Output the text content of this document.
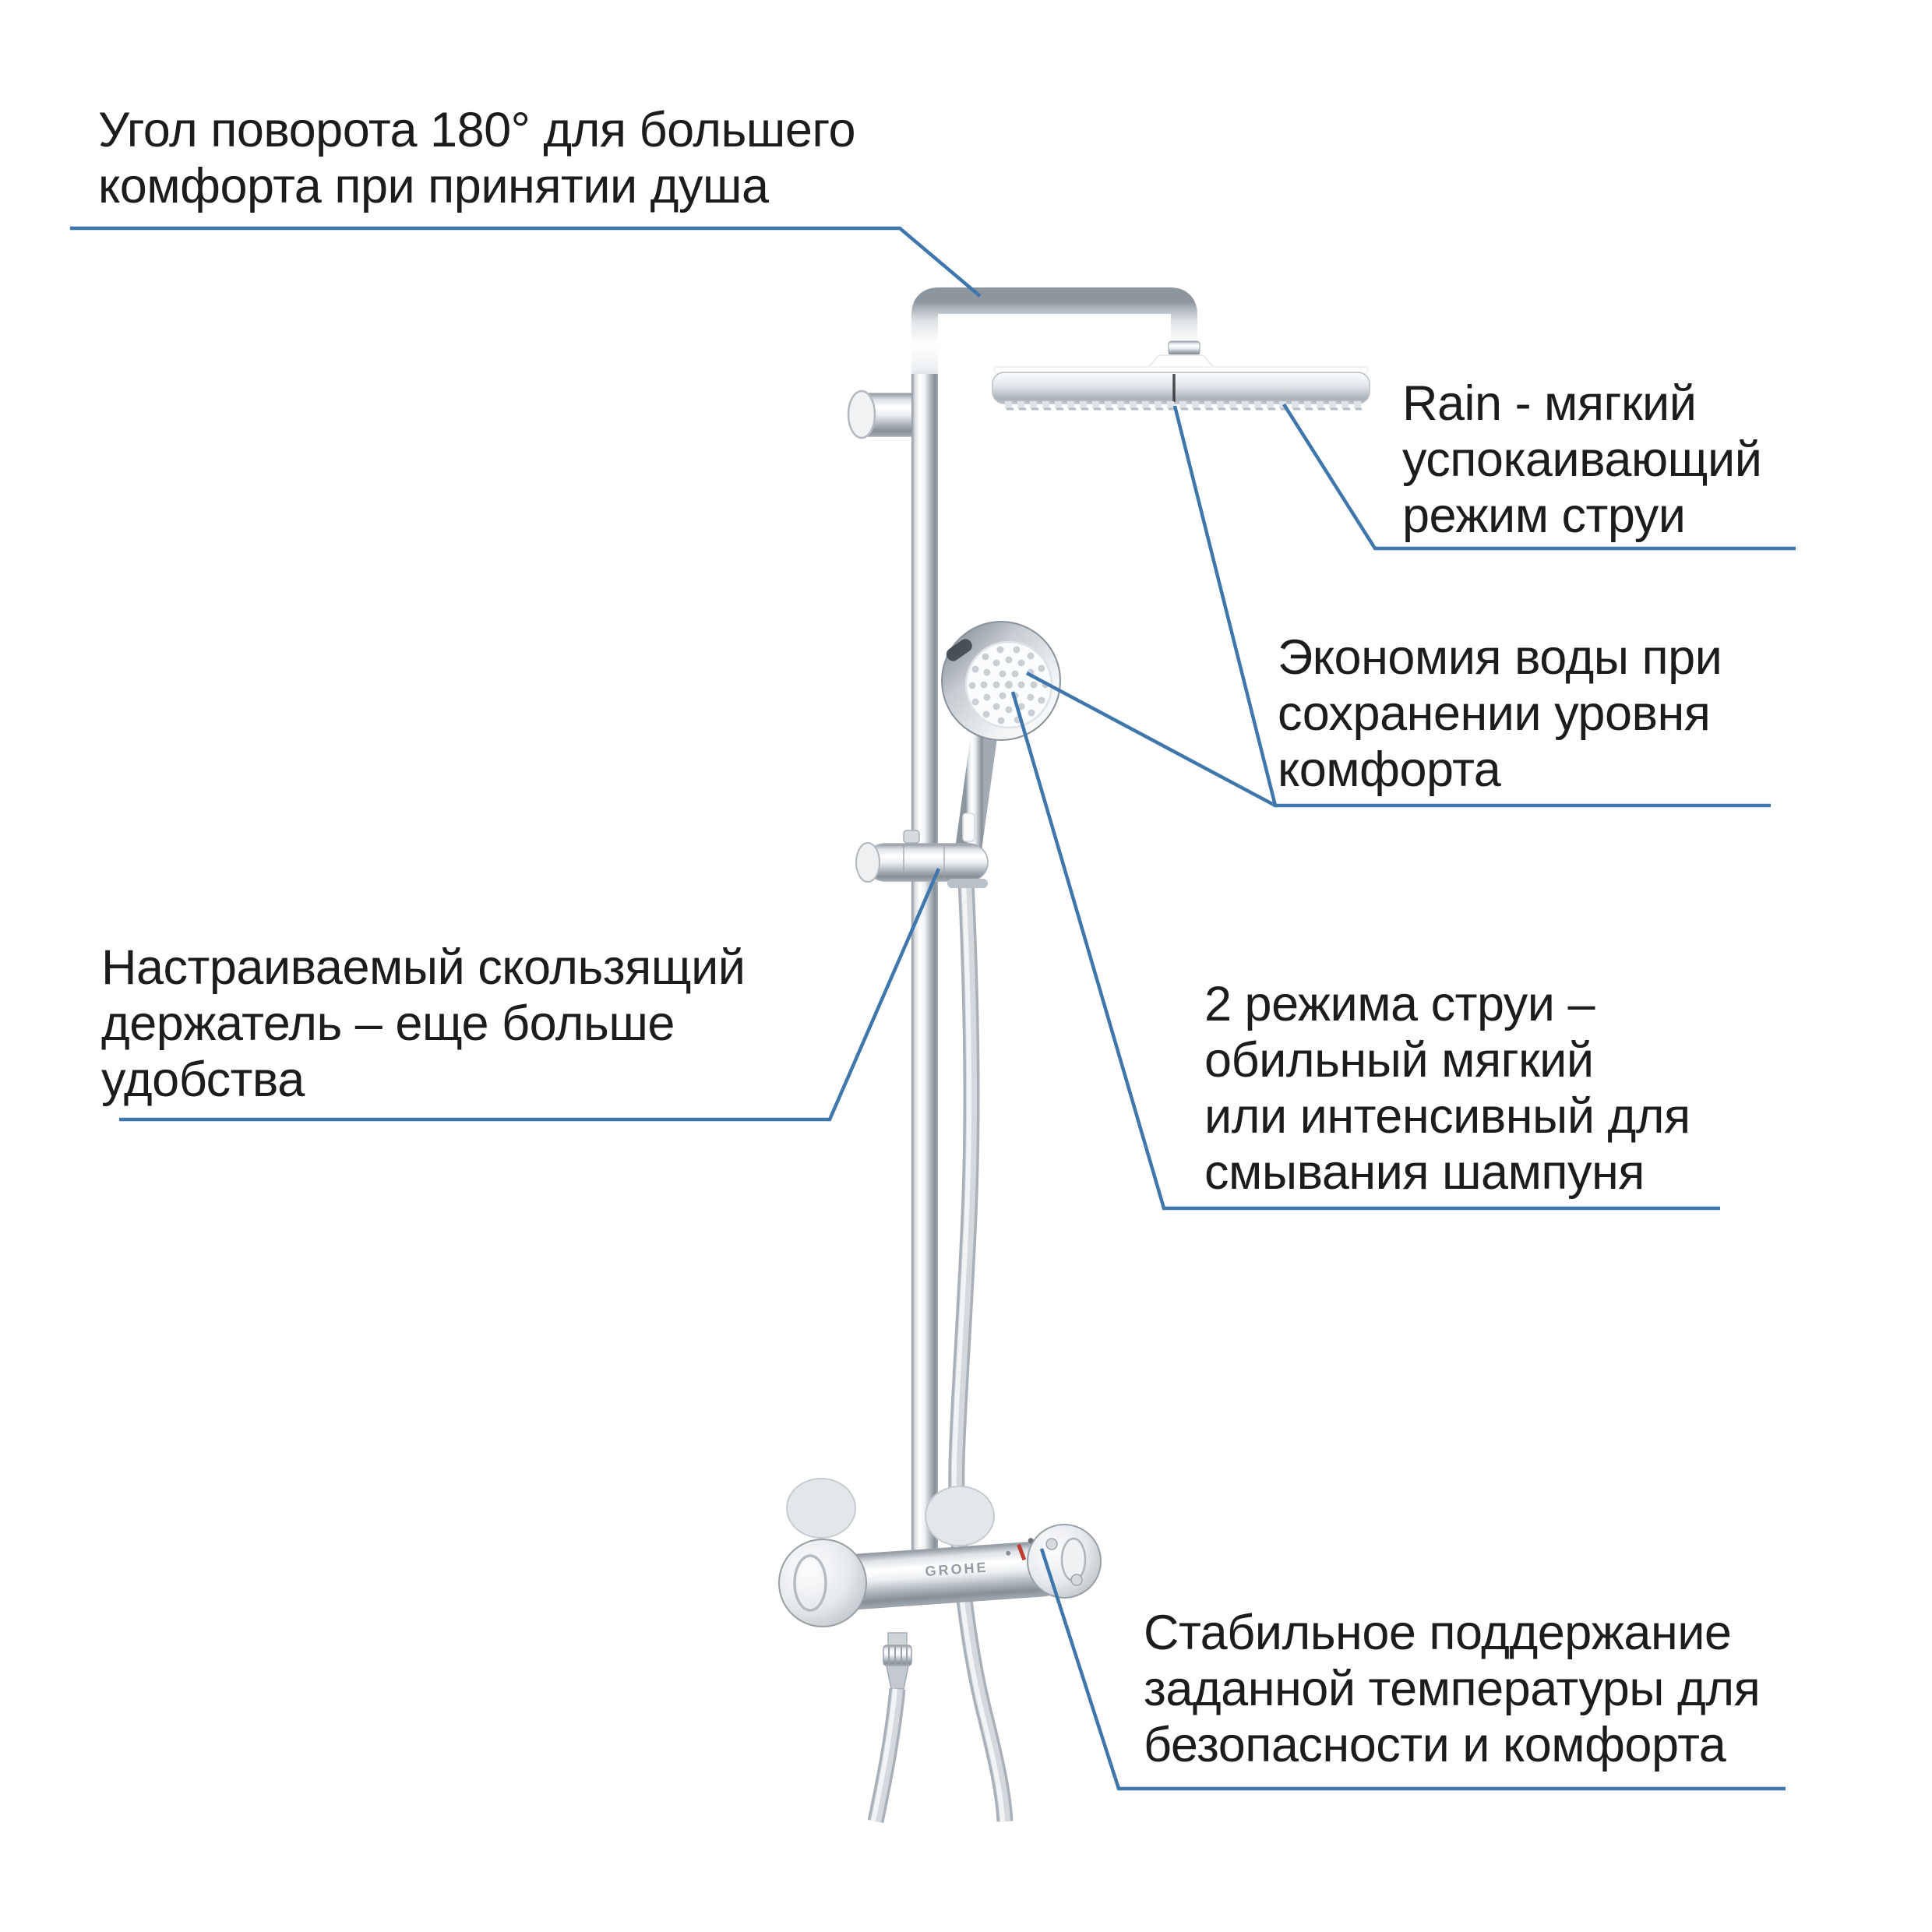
GROHE
Угол поворота 180° для большего
комфорта при принятии душа
Rain - мягкий
успокаивающий
режим струи
Экономия воды при
сохранении уровня
комфорта
Настраиваемый скользящий
держатель – еще больше
удобства
2 режима струи –
обильный мягкий
или интенсивный для
смывания шампуня
Стабильное поддержание
заданной температуры для
безопасности и комфорта
